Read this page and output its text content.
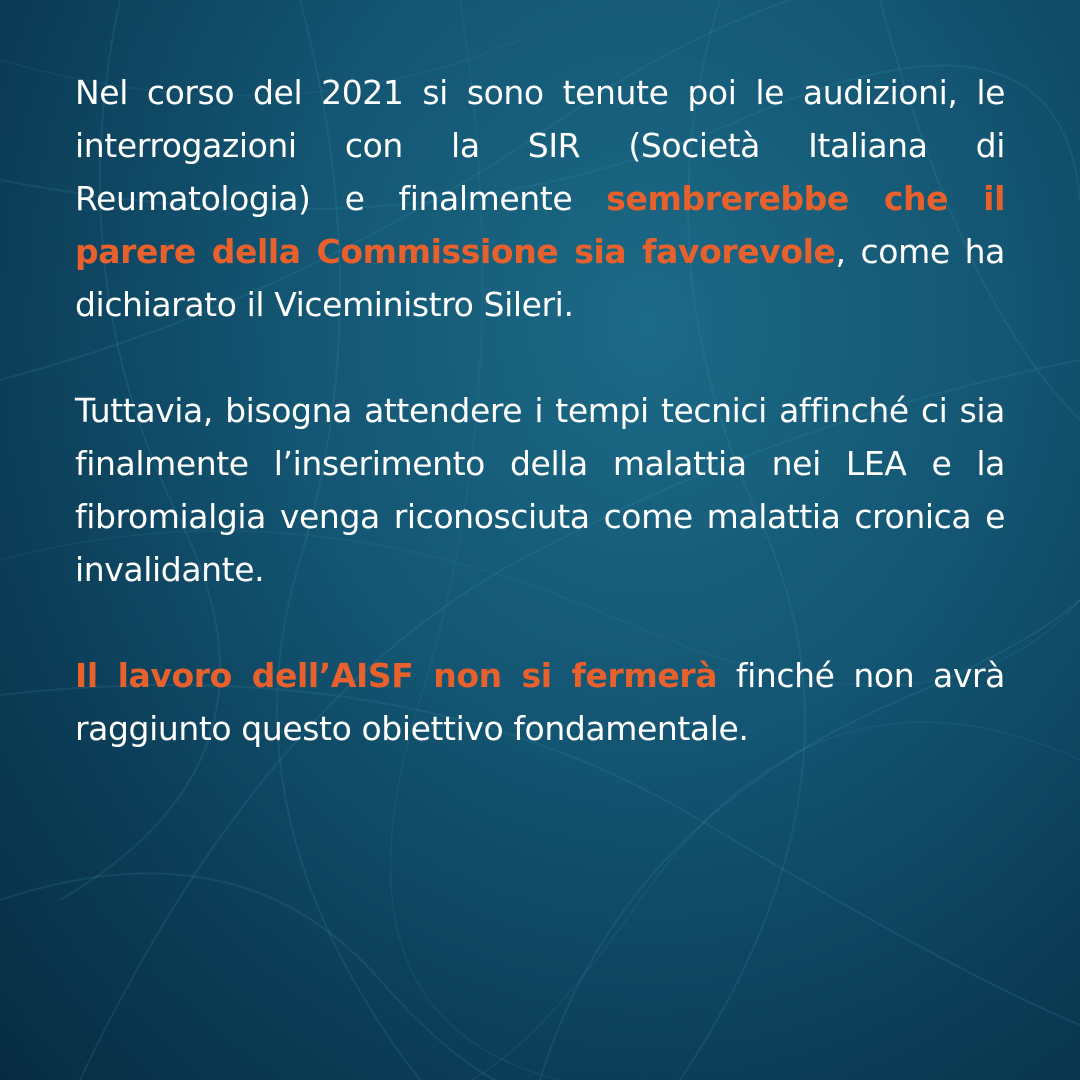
Nel corso del 2021 si sono tenute poi le audizioni, le interrogazioni con la SIR (Società Italiana di Reumatologia) e finalmente sembrerebbe che il parere della Commissione sia favorevole, come ha dichiarato il Viceministro Sileri.

Tuttavia, bisogna attendere i tempi tecnici affinché ci sia finalmente l’inserimento della malattia nei LEA e la fibromialgia venga riconosciuta come malattia cronica e invalidante.

Il lavoro dell’AISF non si fermerà finché non avrà raggiunto questo obiettivo fondamentale.
